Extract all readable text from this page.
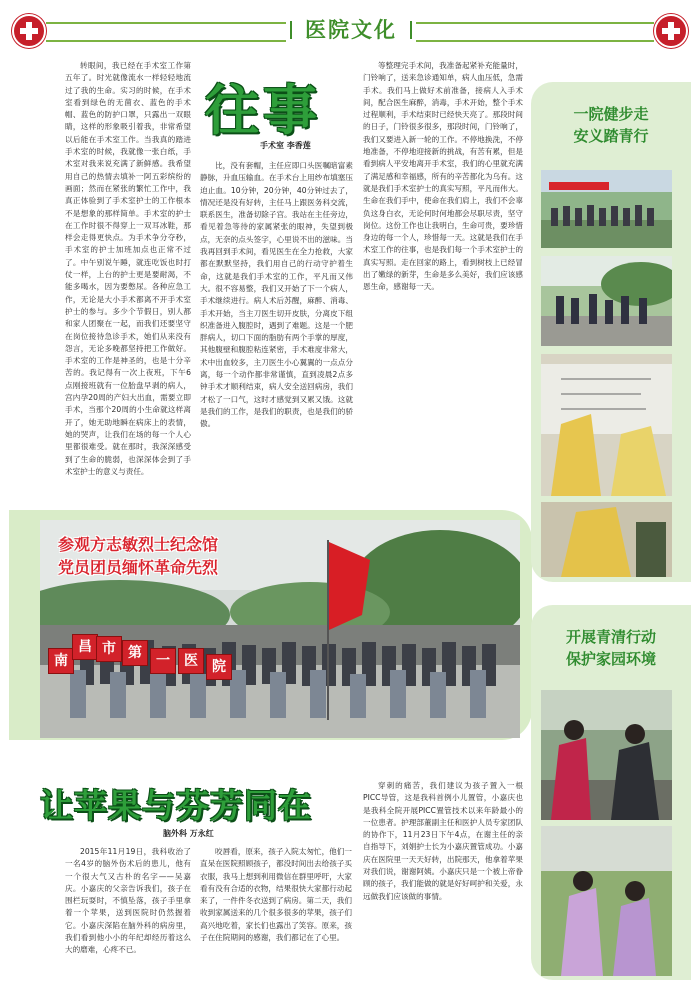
医院文化

转眼间，我已经在手术室工作第五年了。时光就像流水一样轻轻地流过了我的生命。实习的时候，在手术室看到绿色的无菌衣、蓝色的手术帽、蓝色的防护口罩，只露出一双眼睛，这样的形象吸引着我，非常希望以后能在手术室工作。当我真的踏进手术室的时候，我就像一张白纸，手术室对我来说充满了新鲜感。我希望用自己的热情去填补一阿五彩缤纷的画面；然而在紧张的繁忙工作中，我真正体验到了手术室护士的工作根本不是想象的那样简单。手术室的护士在工作时很不得穿上一双耳冰鞋，那样会走得更快点。为手术争分夺秒，手术室的护士加班加点也正常不过了。中午别说午睡，就连吃饭也时打仗一样，上台的护士更是要耐渴，不能多喝水，因为要憋尿。各种应急工作，无论是大小手术都离不开手术室护士的参与。多少个节假日，别人都和家人团聚在一起，而我们还要坚守在岗位接待急诊手术，她们从来没有怨言，无论多晚都坚持把工作做好。手术室的工作是神圣的，也是十分辛苦的。我记得有一次上夜班，下午6点刚接班就有一位胎盘早剥的病人，宫内孕20周的产妇大出血，需要立即手术，当那个20周的小生命就这样离开了，她无助地瞬在病床上的表情，她的哭声，让我们在场的每一个人心里都很难受。就在那时，我深深感受到了生命的脆弱，也深深体会到了手术室护士的意义与责任。

往事
手术室 李香莲

比，没有套帽，主任应即口头医嘱暗富素静脉，升血压输血。在手术台上用纱布填塞压迫止血。10分钟，20分钟，40分钟过去了，情况还是没有好转，主任马上跟医务科交流，联系医生，准备切除子宫。我站在主任旁边，看见着急等待的家属紧张的眼神，失望到极点，无奈的点头签字，心里说不出的滋味。当我再回到手术间，看见医生在全力抢救，大家都在默默坚持，我们用自己的行动守护着生命，这就是我们手术室的工作，平凡而又伟大。很不容易整，我们又开始了下一个病人，手术继续进行。病人术后苏醒，麻醉、消毒、手术开始，当主刀医生切开皮肤，分离皮下组织准备进入腹腔时，遇到了难题。这是一个肥胖病人，切口下面的脂肪有两个手掌的厚度，其他腹壁和腹腔粘连紧密，手术难度非常大，术中出血较多，主刀医生小心翼翼的一点点分离，每一个动作都非常谨慎，直到凌晨2点多钟手术才顺利结束，病人安全送回病房，我们才松了一口气，这时才感觉到又累又饿。这就是我们的工作，是我们的职责，也是我们的骄傲。

等整理完手术间，我准备起紧补充能量时，门铃响了，送来急诊通知单，病人血压低，急需手术。我们马上做好术前准备，接病人入手术间，配合医生麻醉，消毒，手术开始，整个手术过程顺利，手术结束时已经快天亮了。那段时间的日子，门铃很多很多，那段时间，门铃响了，我们又要进入新一轮的工作。不停地换洗，不停地准备，不停地迎接新的挑战，有苦有累，但是看到病人平安地离开手术室，我们的心里就充满了满足感和幸福感，所有的辛苦都化为乌有。这就是我们手术室护士的真实写照，平凡而伟大。生命在我们手中，使命在我们肩上，我们不会辜负这身白衣，无论何时何地都会尽职尽责，坚守岗位。这份工作也让我明白，生命可贵，要珍惜身边的每一个人，珍惜每一天。这就是我们在手术室工作的往事，也是我们每一个手术室护士的真实写照。走在回家的路上，看到树枝上已经冒出了嫩绿的新芽，生命是多么美好，我们应该感恩生命，感谢每一天。

参观方志敏烈士纪念馆
党员团员缅怀革命先烈
南
昌 市 第	一	医	院
让苹果与芬芳同在
脑外科 万永红

2015年11月19日，我科收治了一名4岁的脑外伤术后的患儿，他有一个很大气又古朴的名字——吴嘉庆。小嘉庆的父亲告诉我们，孩子在围栏玩耍时，不慎坠落，孩子手里拿着一个苹果，送到医院时仍然握着它。小嘉庆深陷在脑外科的病房里，我们看到他小小的年纪却经历着这么大的磨难，心疼不已。

咬唇看，原来，孩子入院太匆忙，他们一直呆在医院照顾孩子，都没时间出去给孩子买衣服，我马上想到利用微信在群里呼吁，大家看有没有合适的衣物，结果很快大家都行动起来了，一件件冬衣送到了病房。第二天，我们收到家属送来的几个很多很多的苹果，孩子们高兴地吃着，家长们也露出了笑容。原来，孩子在住院期间的感谢，我们都记在了心里。

穿刺的痛苦，我们建议为孩子置入一根PICC导管，这是我科首例小儿置管，小嘉庆也是我科全院开展PICC置管技术以来年龄最小的一位患者。护理部董副主任和医护人员专家团队的协作下，11月23日下午4点，在谢主任的亲自指导下，刘娟护士长为小嘉庆置管成功。小嘉庆在医院里一天天好转，出院那天，他拿着苹果对我们说，谢谢阿姨。小嘉庆只是一个被上帝眷顾的孩子，我们能做的就是好好呵护和关爱，永远做我们应该做的事情。

一院健步走
安义踏青行
开展青清行动
保护家园环境
